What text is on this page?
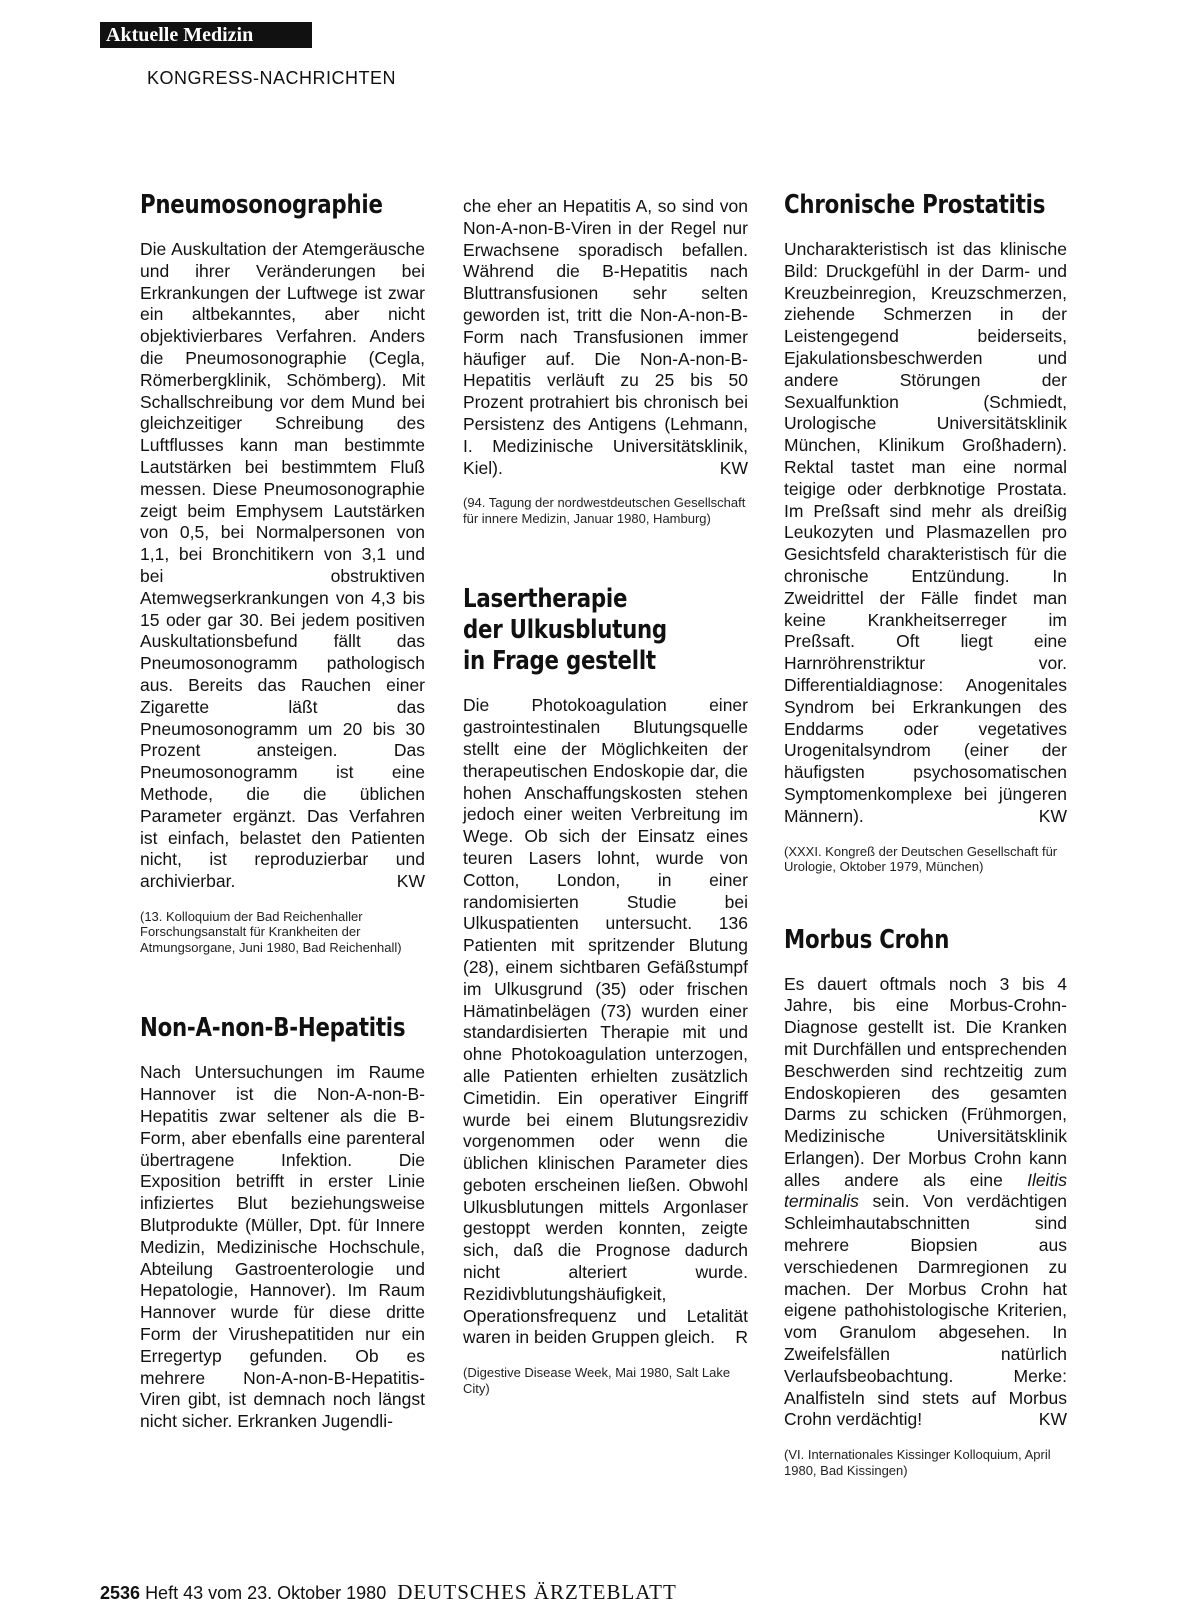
Aktuelle Medizin
KONGRESS-NACHRICHTEN
Pneumosonographie

Die Auskultation der Atemgeräusche und ihrer Veränderungen bei Erkrankungen der Luftwege ist zwar ein altbekanntes, aber nicht objektivierbares Verfahren. Anders die Pneumosonographie (Cegla, Römerbergklinik, Schömberg). Mit Schallschreibung vor dem Mund bei gleichzeitiger Schreibung des Luftflusses kann man bestimmte Lautstärken bei bestimmtem Fluß messen. Diese Pneumosonographie zeigt beim Emphysem Lautstärken von 0,5, bei Normalpersonen von 1,1, bei Bronchitikern von 3,1 und bei obstruktiven Atemwegserkrankungen von 4,3 bis 15 oder gar 30. Bei jedem positiven Auskultationsbefund fällt das Pneumosonogramm pathologisch aus. Bereits das Rauchen einer Zigarette läßt das Pneumosonogramm um 20 bis 30 Prozent ansteigen. Das Pneumosonogramm ist eine Methode, die die üblichen Parameter ergänzt. Das Verfahren ist einfach, belastet den Patienten nicht, ist reproduzierbar und archivierbar.	KW

(13. Kolloquium der Bad Reichenhaller Forschungsanstalt für Krankheiten der Atmungsorgane, Juni 1980, Bad Reichenhall)

Non-A-non-B-Hepatitis

Nach Untersuchungen im Raume Hannover ist die Non-A-non-B-Hepatitis zwar seltener als die B-Form, aber ebenfalls eine parenteral übertragene Infektion. Die Exposition betrifft in erster Linie infiziertes Blut beziehungsweise Blutprodukte (Müller, Dpt. für Innere Medizin, Medizinische Hochschule, Abteilung Gastroenterologie und Hepatologie, Hannover). Im Raum Hannover wurde für diese dritte Form der Virushepatitiden nur ein Erregertyp gefunden. Ob es mehrere Non-A-non-B-Hepatitis-Viren gibt, ist demnach noch längst nicht sicher. Erkranken Jugendli-

che eher an Hepatitis A, so sind von Non-A-non-B-Viren in der Regel nur Erwachsene sporadisch befallen. Während die B-Hepatitis nach Bluttransfusionen sehr selten geworden ist, tritt die Non-A-non-B-Form nach Transfusionen immer häufiger auf. Die Non-A-non-B-Hepatitis verläuft zu 25 bis 50 Prozent protrahiert bis chronisch bei Persistenz des Antigens (Lehmann, I. Medizinische Universitätsklinik, Kiel).	KW

(94. Tagung der nordwestdeutschen Gesellschaft für innere Medizin, Januar 1980, Hamburg)

Lasertherapie
der Ulkusblutung
in Frage gestellt

Die Photokoagulation einer gastrointestinalen Blutungsquelle stellt eine der Möglichkeiten der therapeutischen Endoskopie dar, die hohen Anschaffungskosten stehen jedoch einer weiten Verbreitung im Wege. Ob sich der Einsatz eines teuren Lasers lohnt, wurde von Cotton, London, in einer randomisierten Studie bei Ulkuspatienten untersucht. 136 Patienten mit spritzender Blutung (28), einem sichtbaren Gefäßstumpf im Ulkusgrund (35) oder frischen Hämatinbelägen (73) wurden einer standardisierten Therapie mit und ohne Photokoagulation unterzogen, alle Patienten erhielten zusätzlich Cimetidin. Ein operativer Eingriff wurde bei einem Blutungsrezidiv vorgenommen oder wenn die üblichen klinischen Parameter dies geboten erscheinen ließen. Obwohl Ulkusblutungen mittels Argonlaser gestoppt werden konnten, zeigte sich, daß die Prognose dadurch nicht alteriert wurde. Rezidivblutungshäufigkeit, Operationsfrequenz und Letalität waren in beiden Gruppen gleich. R

(Digestive Disease Week, Mai 1980, Salt Lake City)

Chronische Prostatitis

Uncharakteristisch ist das klinische Bild: Druckgefühl in der Darm- und Kreuzbeinregion, Kreuzschmerzen, ziehende Schmerzen in der Leistengegend beiderseits, Ejakulationsbeschwerden und andere Störungen der Sexualfunktion (Schmiedt, Urologische Universitätsklinik München, Klinikum Großhadern). Rektal tastet man eine normal teigige oder derbknotige Prostata. Im Preßsaft sind mehr als dreißig Leukozyten und Plasmazellen pro Gesichtsfeld charakteristisch für die chronische Entzündung. In Zweidrittel der Fälle findet man keine Krankheitserreger im Preßsaft. Oft liegt eine Harnröhrenstriktur vor. Differentialdiagnose: Anogenitales Syndrom bei Erkrankungen des Enddarms oder vegetatives Urogenitalsyndrom (einer der häufigsten psychosomatischen Symptomenkomplexe bei jüngeren Männern).	KW

(XXXI. Kongreß der Deutschen Gesellschaft für Urologie, Oktober 1979, München)

Morbus Crohn

Es dauert oftmals noch 3 bis 4 Jahre, bis eine Morbus-Crohn-Diagnose gestellt ist. Die Kranken mit Durchfällen und entsprechenden Beschwerden sind rechtzeitig zum Endoskopieren des gesamten Darms zu schicken (Frühmorgen, Medizinische Universitätsklinik Erlangen). Der Morbus Crohn kann alles andere als eine Ileitis terminalis sein. Von verdächtigen Schleimhautabschnitten sind mehrere Biopsien aus verschiedenen Darmregionen zu machen. Der Morbus Crohn hat eigene pathohistologische Kriterien, vom Granulom abgesehen. In Zweifelsfällen natürlich Verlaufsbeobachtung. Merke: Analfisteln sind stets auf Morbus Crohn verdächtig!	KW

(VI. Internationales Kissinger Kolloquium, April 1980, Bad Kissingen)

2536 Heft 43 vom 23. Oktober 1980 DEUTSCHES ÄRZTEBLATT
